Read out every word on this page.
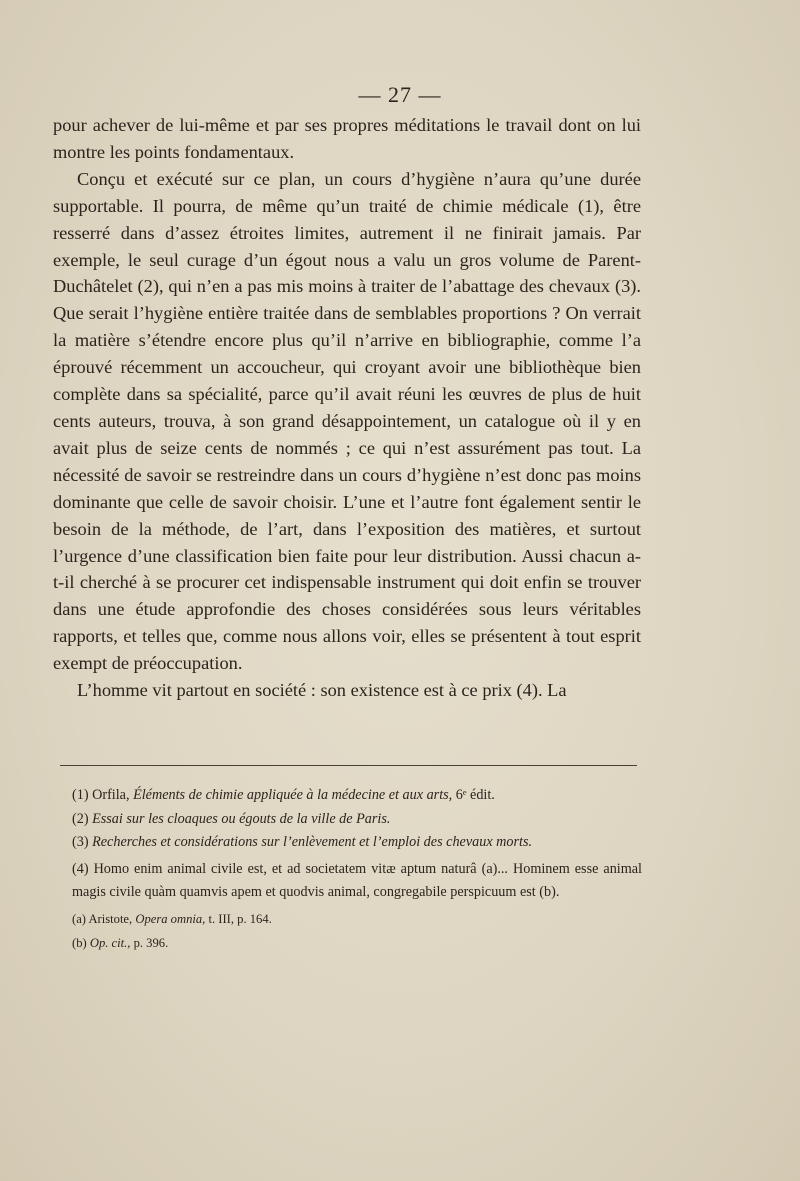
— 27 —

pour achever de lui-même et par ses propres méditations le travail dont on lui montre les points fondamentaux.

Conçu et exécuté sur ce plan, un cours d’hygiène n’aura qu’une durée supportable. Il pourra, de même qu’un traité de chimie médicale (1), être resserré dans d’assez étroites limites, autrement il ne finirait jamais. Par exemple, le seul curage d’un égout nous a valu un gros volume de Parent-Duchâtelet (2), qui n’en a pas mis moins à traiter de l’abattage des chevaux (3). Que serait l’hygiène entière traitée dans de semblables proportions ? On verrait la matière s’étendre encore plus qu’il n’arrive en bibliographie, comme l’a éprouvé récemment un accoucheur, qui croyant avoir une bibliothèque bien complète dans sa spécialité, parce qu’il avait réuni les œuvres de plus de huit cents auteurs, trouva, à son grand désappointement, un catalogue où il y en avait plus de seize cents de nommés ; ce qui n’est assurément pas tout. La nécessité de savoir se restreindre dans un cours d’hygiène n’est donc pas moins dominante que celle de savoir choisir. L’une et l’autre font également sentir le besoin de la méthode, de l’art, dans l’exposition des matières, et surtout l’urgence d’une classification bien faite pour leur distribution. Aussi chacun a-t-il cherché à se procurer cet indispensable instrument qui doit enfin se trouver dans une étude approfondie des choses considérées sous leurs véritables rapports, et telles que, comme nous allons voir, elles se présentent à tout esprit exempt de préoccupation.

L’homme vit partout en société : son existence est à ce prix (4). La

(1) Orfila, Éléments de chimie appliquée à la médecine et aux arts, 6ᵉ édit.

(2) Essai sur les cloaques ou égouts de la ville de Paris.

(3) Recherches et considérations sur l’enlèvement et l’emploi des chevaux morts.

(4) Homo enim animal civile est, et ad societatem vitæ aptum naturâ (a)... Hominem esse animal magis civile quàm quamvis apem et quodvis animal, congregabile perspicuum est (b).

(a) Aristote, Opera omnia, t. III, p. 164.

(b) Op. cit., p. 396.
